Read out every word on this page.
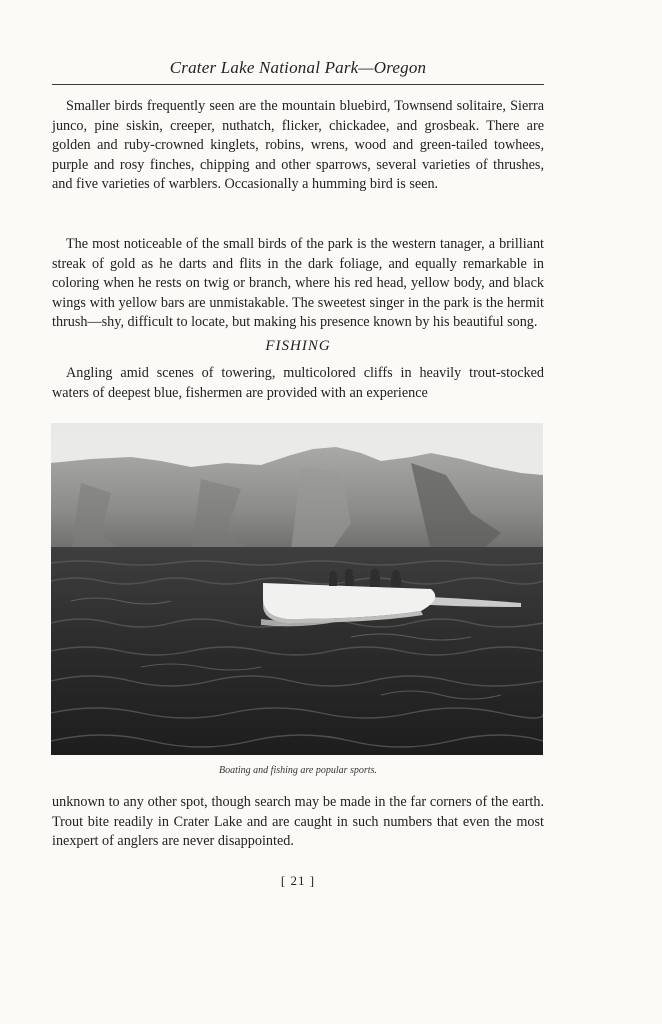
Crater Lake National Park—Oregon

Smaller birds frequently seen are the mountain bluebird, Townsend solitaire, Sierra junco, pine siskin, creeper, nuthatch, flicker, chickadee, and grosbeak. There are golden and ruby-crowned kinglets, robins, wrens, wood and green-tailed towhees, purple and rosy finches, chipping and other sparrows, several varieties of thrushes, and five varieties of warblers. Occasionally a humming bird is seen.

The most noticeable of the small birds of the park is the western tanager, a brilliant streak of gold as he darts and flits in the dark foliage, and equally remarkable in coloring when he rests on twig or branch, where his red head, yellow body, and black wings with yellow bars are unmistakable. The sweetest singer in the park is the hermit thrush—shy, difficult to locate, but making his presence known by his beautiful song.

FISHING

Angling amid scenes of towering, multicolored cliffs in heavily trout-stocked waters of deepest blue, fishermen are provided with an experience

Boating and fishing are popular sports.

unknown to any other spot, though search may be made in the far corners of the earth. Trout bite readily in Crater Lake and are caught in such numbers that even the most inexpert of anglers are never disappointed.

[ 21 ]
